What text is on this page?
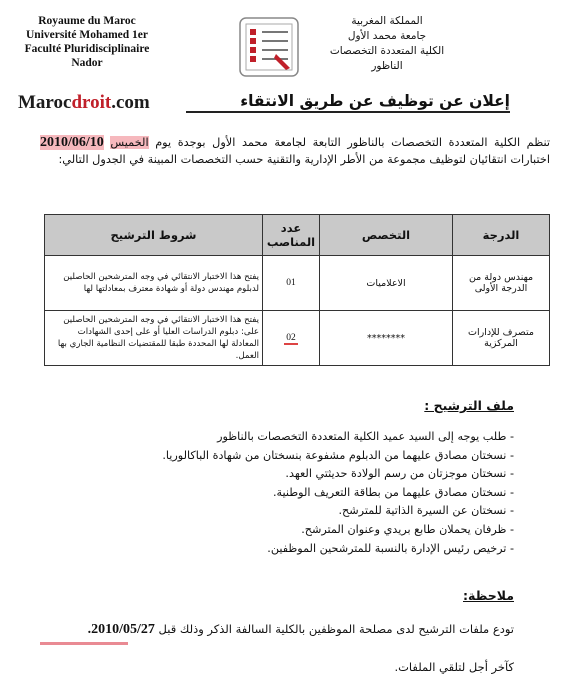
Royaume du Maroc
Université Mohamed 1er
Faculté Pluridisciplinaire
Nador
المملكة المغربية
جامعة محمد الأول
الكلية المتعددة التخصصات
الناظور
Marocdroit.com	إعلان عن توظيف عن طريق الانتقاء
تنظم الكلية المتعددة التخصصات بالناظور التابعة لجامعة محمد الأول بوجدة يوم الخميس 2010/06/10 اختبارات انتقائيان لتوظيف مجموعة من الأطر الإدارية والتقنية حسب التخصصات المبينة في الجدول التالي:
الدرجة	التخصص	عدد المناصب	شروط الترشيح
مهندس دولة من الدرجة الأولى	الاعلاميات	01	يفتح هذا الاختبار الانتقائي في وجه المترشحين الحاصلين لدبلوم مهندس دولة أو شهادة معترف بمعادلتها لها
متصرف للإدارات المركزية	********	02	يفتح هذا الاختبار الانتقائي في وجه المترشحين الحاصلين على: دبلوم الدراسات العليا أو على إحدى الشهادات المعادلة لها المحددة طبقا للمقتضيات النظامية الجاري بها العمل.
ملف الترشيح :
- طلب يوجه إلى السيد عميد الكلية المتعددة التخصصات بالناظور
- نسختان مصادق عليهما من الدبلوم مشفوعة بنسختان من شهادة الباكالوريا.
- نسختان موجزتان من رسم الولادة حديثتي العهد.
- نسختان مصادق عليهما من بطاقة التعريف الوطنية.
- نسختان عن السيرة الذاتية للمترشح.
- ظرفان يحملان طابع بريدي وعنوان المترشح.
- ترخيص رئيس الإدارة بالنسبة للمترشحين الموظفين.
ملاحظة:
تودع ملفات الترشيح لدى مصلحة الموظفين بالكلية السالفة الذكر وذلك قبل 2010/05/27.
كآخر أجل لتلقي الملفات.
